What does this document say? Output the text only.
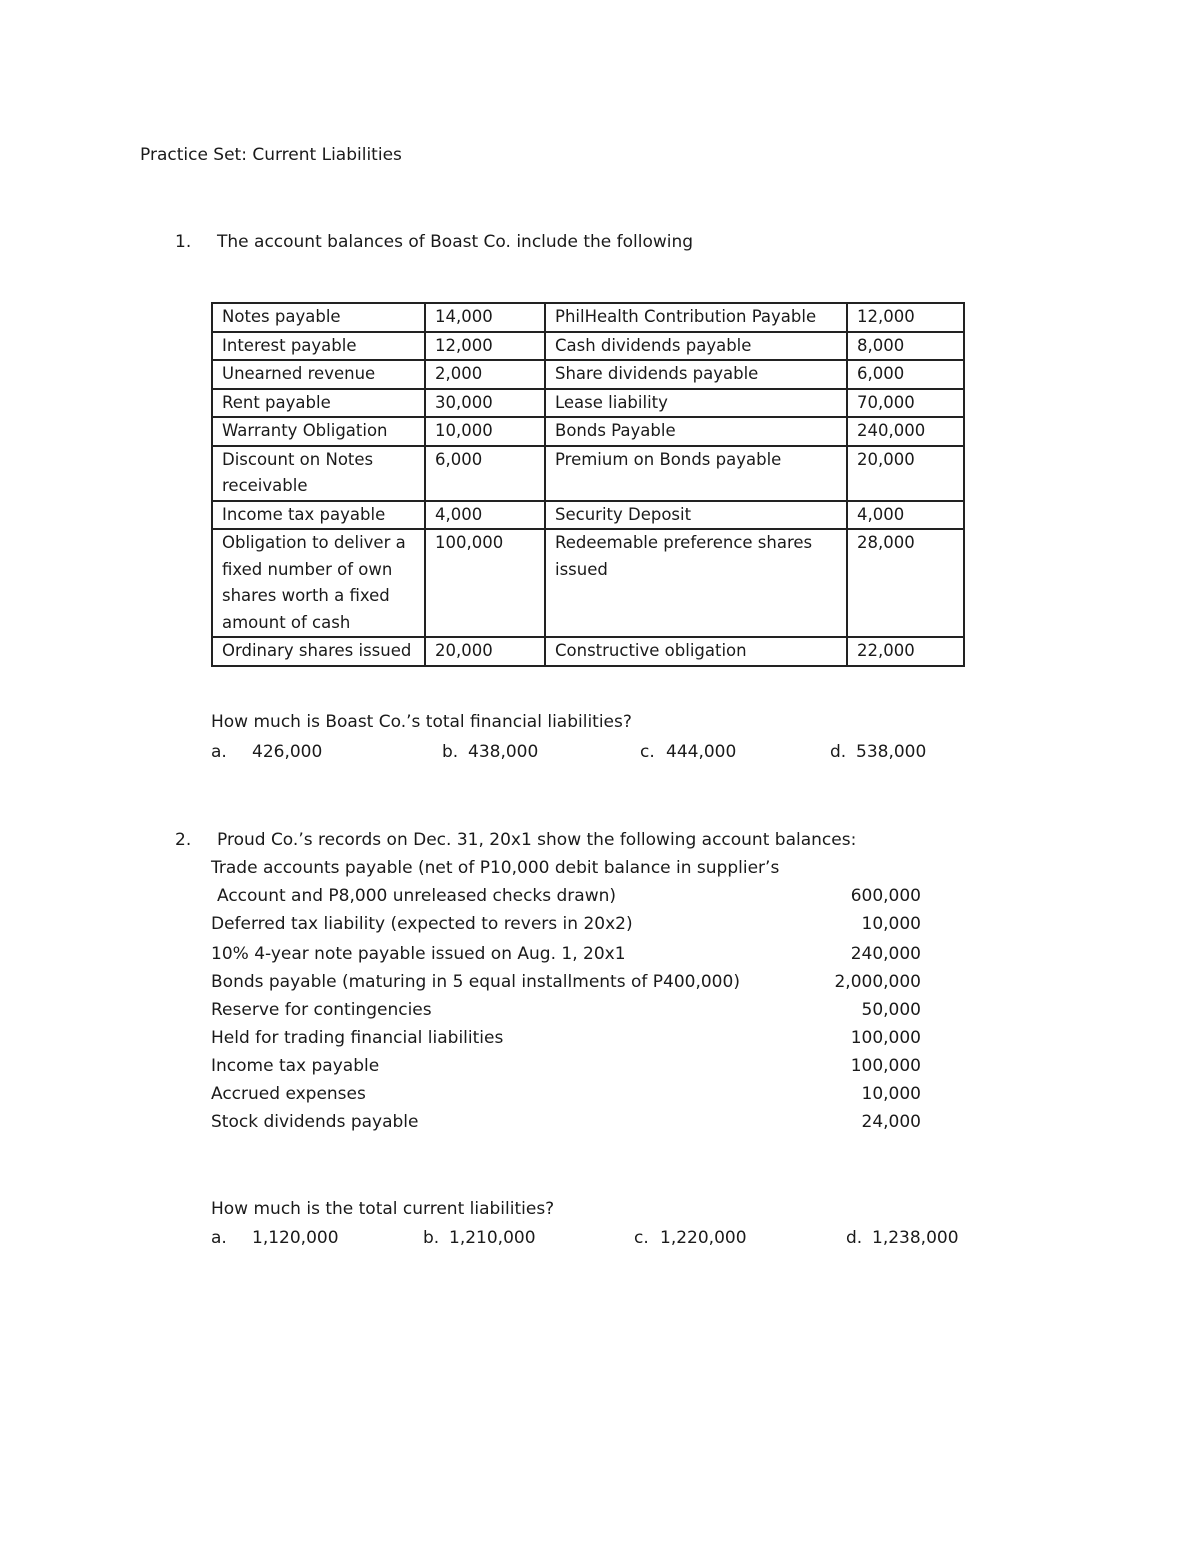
Practice Set: Current Liabilities
1. The account balances of Boast Co. include the following
Notes payable	14,000	PhilHealth Contribution Payable	12,000
Interest payable	12,000	Cash dividends payable	8,000
Unearned revenue	2,000	Share dividends payable	6,000
Rent payable	30,000	Lease liability	70,000
Warranty Obligation	10,000	Bonds Payable	240,000
Discount on Notes receivable	6,000	Premium on Bonds payable	20,000
Income tax payable	4,000	Security Deposit	4,000
Obligation to deliver a fixed number of own shares worth a fixed amount of cash	100,000	Redeemable preference shares issued	28,000
Ordinary shares issued	20,000	Constructive obligation	22,000
How much is Boast Co.’s total financial liabilities?
a. 426,000	b. 438,000	c. 444,000	d. 538,000
2. Proud Co.’s records on Dec. 31, 20x1 show the following account balances:
Trade accounts payable (net of P10,000 debit balance in supplier’s
Account and P8,000 unreleased checks drawn)	600,000
Deferred tax liability (expected to revers in 20x2)	10,000
10% 4-year note payable issued on Aug. 1, 20x1	240,000
Bonds payable (maturing in 5 equal installments of P400,000)	2,000,000
Reserve for contingencies	50,000
Held for trading financial liabilities	100,000
Income tax payable	100,000
Accrued expenses	10,000
Stock dividends payable	24,000
How much is the total current liabilities?
a. 1,120,000	b. 1,210,000	c. 1,220,000	d. 1,238,000
